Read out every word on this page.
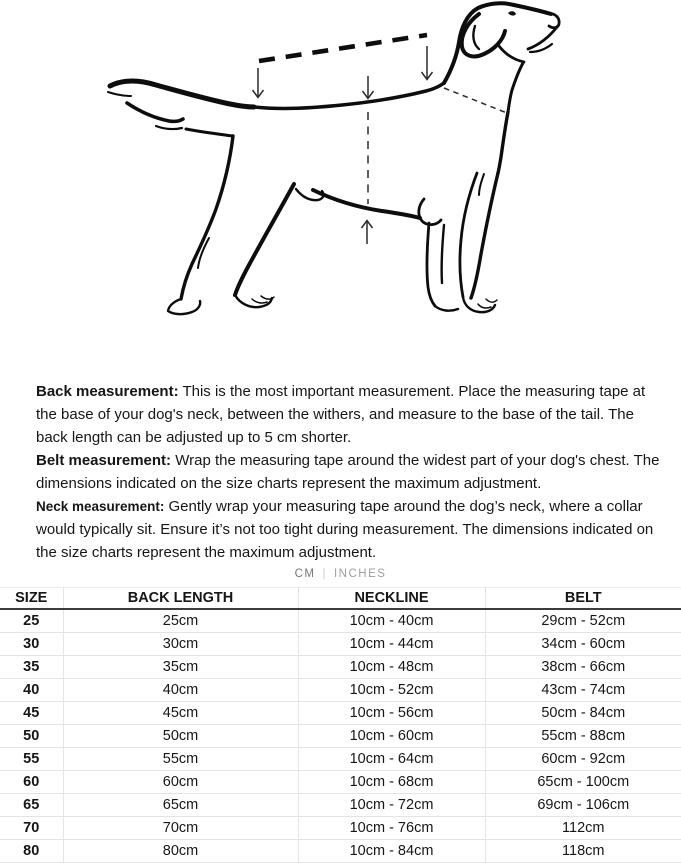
Back measurement: This is the most important measurement. Place the measuring tape at the base of your dog's neck, between the withers, and measure to the base of the tail. The back length can be adjusted up to 5 cm shorter.

Belt measurement: Wrap the measuring tape around the widest part of your dog's chest. The dimensions indicated on the size charts represent the maximum adjustment.

Neck measurement: Gently wrap your measuring tape around the dog’s neck, where a collar would typically sit. Ensure it’s not too tight during measurement. The dimensions indicated on the size charts represent the maximum adjustment.

CM | INCHES
SIZE	BACK LENGTH	NECKLINE	BELT
25	25cm	10cm - 40cm	29cm - 52cm
30	30cm	10cm - 44cm	34cm - 60cm
35	35cm	10cm - 48cm	38cm - 66cm
40	40cm	10cm - 52cm	43cm - 74cm
45	45cm	10cm - 56cm	50cm - 84cm
50	50cm	10cm - 60cm	55cm - 88cm
55	55cm	10cm - 64cm	60cm - 92cm
60	60cm	10cm - 68cm	65cm - 100cm
65	65cm	10cm - 72cm	69cm - 106cm
70	70cm	10cm - 76cm	112cm
80	80cm	10cm - 84cm	118cm
